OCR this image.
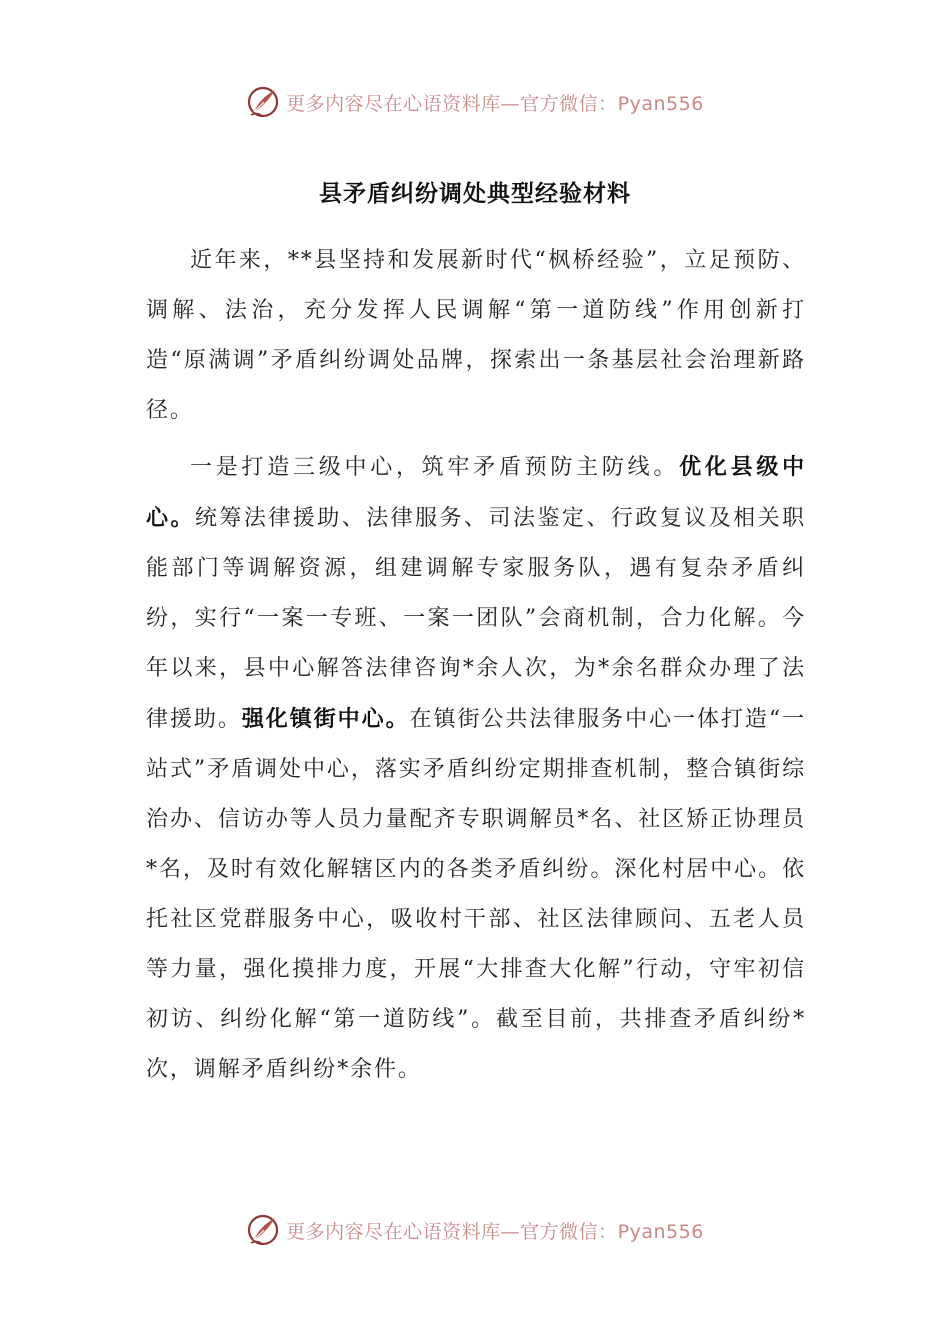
更多内容尽在心语资料库—官方微信：Pyan556
县矛盾纠纷调处典型经验材料

近年来，**县坚持和发展新时代“枫桥经验”，立足预防、调解、法治，充分发挥人民调解“第一道防线”作用创新打造“原满调”矛盾纠纷调处品牌，探索出一条基层社会治理新路径。

一是打造三级中心，筑牢矛盾预防主防线。优化县级中心。统筹法律援助、法律服务、司法鉴定、行政复议及相关职能部门等调解资源，组建调解专家服务队，遇有复杂矛盾纠纷，实行“一案一专班、一案一团队”会商机制，合力化解。今年以来，县中心解答法律咨询*余人次，为*余名群众办理了法律援助。强化镇街中心。在镇街公共法律服务中心一体打造“一站式”矛盾调处中心，落实矛盾纠纷定期排查机制，整合镇街综治办、信访办等人员力量配齐专职调解员*名、社区矫正协理员*名，及时有效化解辖区内的各类矛盾纠纷。深化村居中心。依托社区党群服务中心，吸收村干部、社区法律顾问、五老人员等力量，强化摸排力度，开展“大排查大化解”行动，守牢初信初访、纠纷化解“第一道防线”。截至目前，共排查矛盾纠纷*次，调解矛盾纠纷*余件。

更多内容尽在心语资料库—官方微信：Pyan556
